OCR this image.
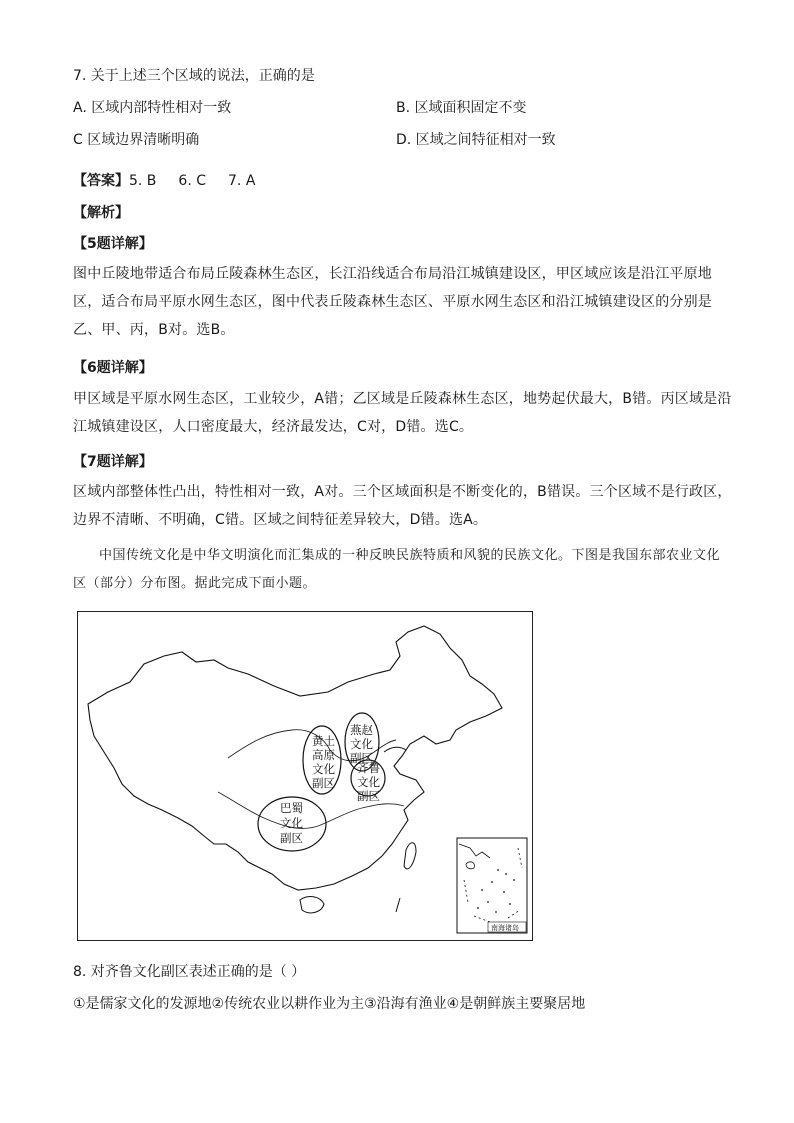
7. 关于上述三个区域的说法，正确的是
A. 区域内部特性相对一致	B. 区域面积固定不变
C 区域边界清晰明确	D. 区域之间特征相对一致
【答案】5. B 6. C 7. A
【解析】
【5题详解】
图中丘陵地带适合布局丘陵森林生态区，长江沿线适合布局沿江城镇建设区，甲区域应该是沿江平原地区，适合布局平原水网生态区，图中代表丘陵森林生态区、平原水网生态区和沿江城镇建设区的分别是乙、甲、丙，B对。选B。
【6题详解】
甲区域是平原水网生态区，工业较少，A错；乙区域是丘陵森林生态区，地势起伏最大，B错。丙区域是沿江城镇建设区，人口密度最大，经济最发达，C对，D错。选C。
【7题详解】
区域内部整体性凸出，特性相对一致，A对。三个区域面积是不断变化的，B错误。三个区域不是行政区，边界不清晰、不明确，C错。区域之间特征差异较大，D错。选A。
中国传统文化是中华文明演化而汇集成的一种反映民族特质和风貌的民族文化。下图是我国东部农业文化区（部分）分布图。据此完成下面小题。
黄土
高原
文化
副区
燕赵
文化
副区
齐鲁
文化
副区
巴蜀
文化
副区
南海诸岛
8. 对齐鲁文化副区表述正确的是（ ）
①是儒家文化的发源地②传统农业以耕作业为主③沿海有渔业④是朝鲜族主要聚居地
